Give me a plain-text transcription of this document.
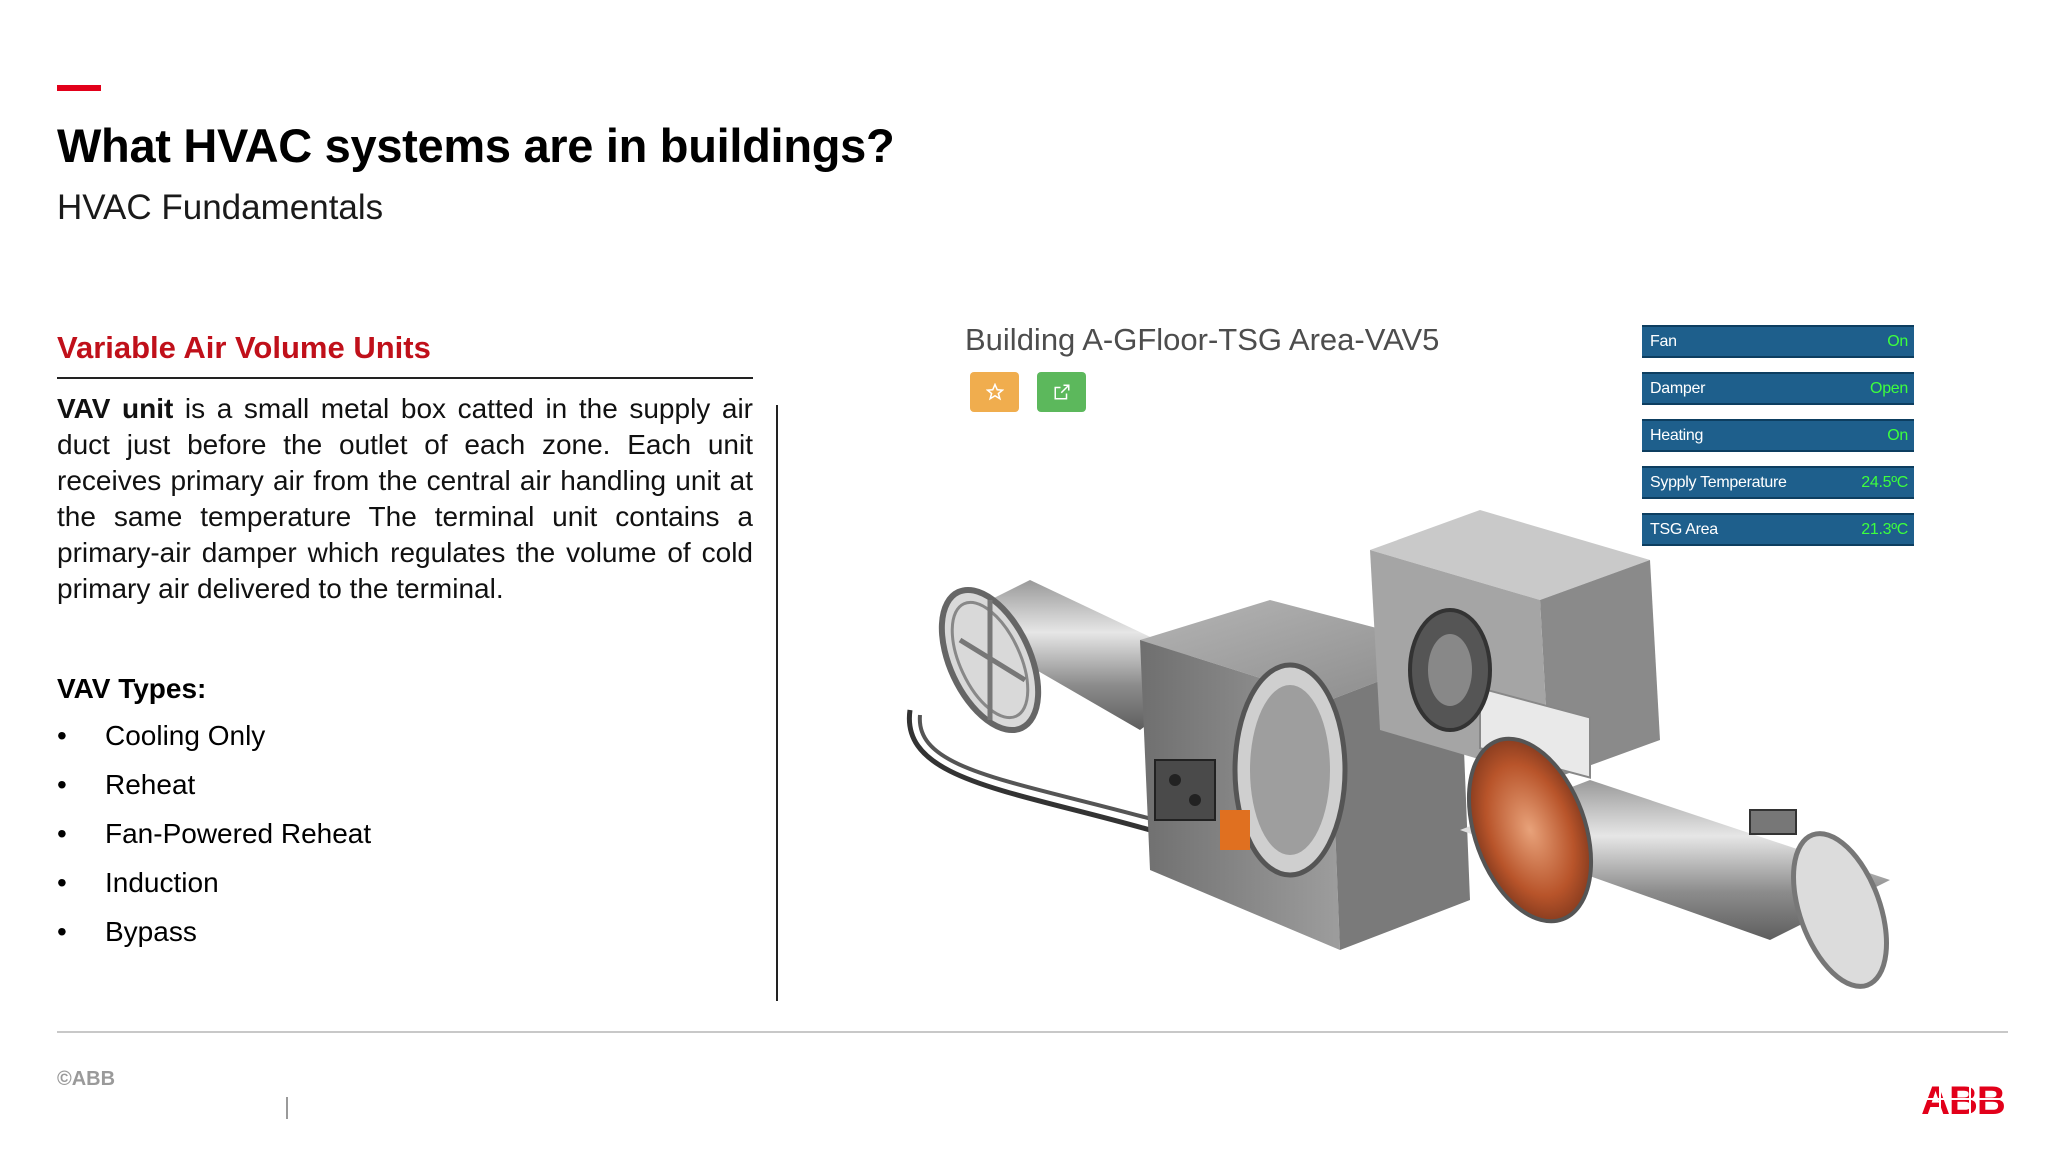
What HVAC systems are in buildings?
HVAC Fundamentals
Variable Air Volume Units
VAV unit is a small metal box catted in the supply air duct just before the outlet of each zone. Each unit receives primary air from the central air handling unit at the same temperature The terminal unit contains a primary-air damper which regulates the volume of cold primary air delivered to the terminal.
VAV Types:
• Cooling Only
• Reheat
• Fan-Powered Reheat
• Induction
• Bypass
Building A-GFloor-TSG Area-VAV5	Fan	On
Damper	Open
Heating	On
Sypply Temperature	24.5ºC
TSG Area	21.3ºC
©ABB	ABB
